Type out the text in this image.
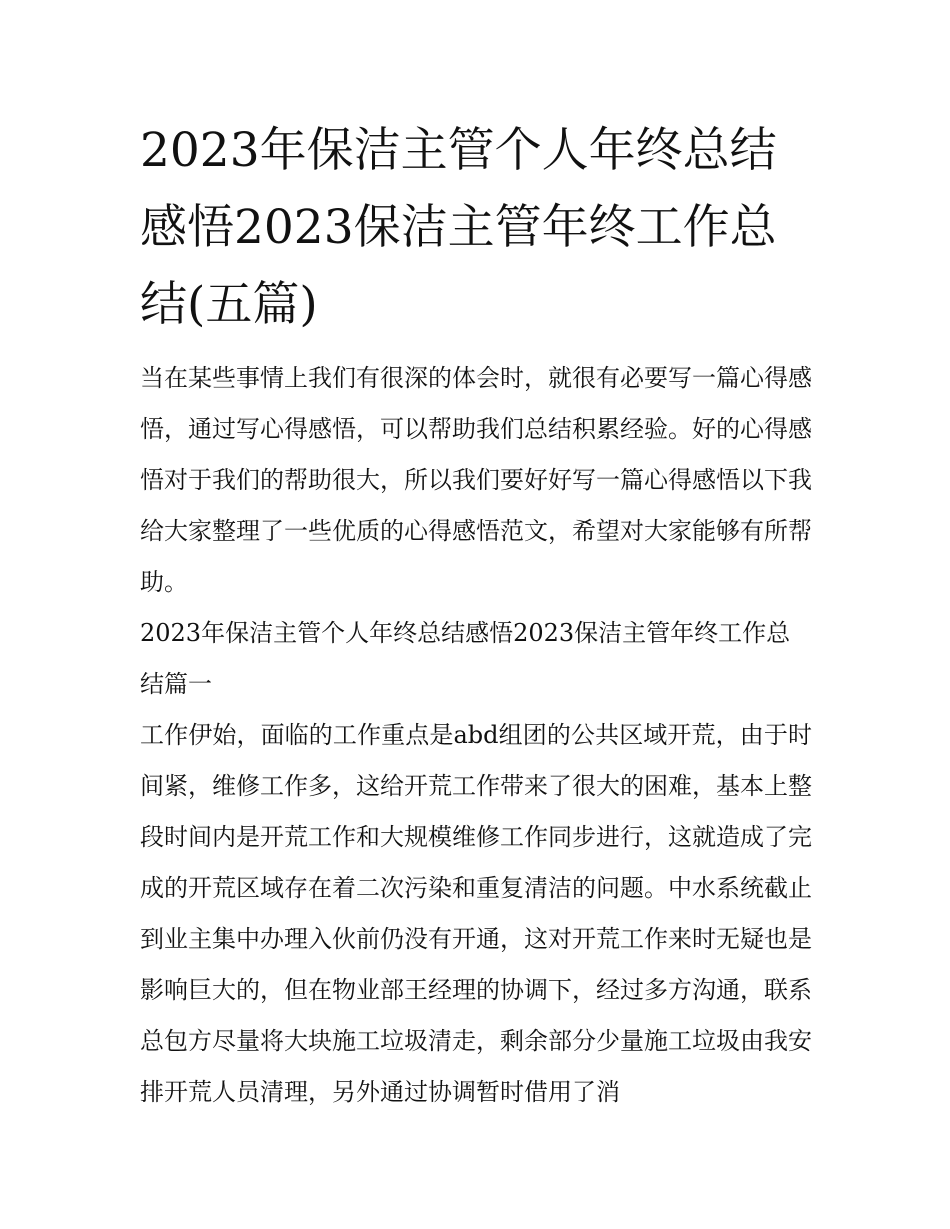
2023年保洁主管个人年终总结感悟2023保洁主管年终工作总结(五篇)

当在某些事情上我们有很深的体会时，就很有必要写一篇心得感悟，通过写心得感悟，可以帮助我们总结积累经验。好的心得感悟对于我们的帮助很大，所以我们要好好写一篇心得感悟以下我给大家整理了一些优质的心得感悟范文，希望对大家能够有所帮助。

2023年保洁主管个人年终总结感悟2023保洁主管年终工作总结篇一

工作伊始，面临的工作重点是abd组团的公共区域开荒，由于时间紧，维修工作多，这给开荒工作带来了很大的困难，基本上整段时间内是开荒工作和大规模维修工作同步进行，这就造成了完成的开荒区域存在着二次污染和重复清洁的问题。中水系统截止到业主集中办理入伙前仍没有开通，这对开荒工作来时无疑也是影响巨大的，但在物业部王经理的协调下，经过多方沟通，联系总包方尽量将大块施工垃圾清走，剩余部分少量施工垃圾由我安排开荒人员清理，另外通过协调暂时借用了消
